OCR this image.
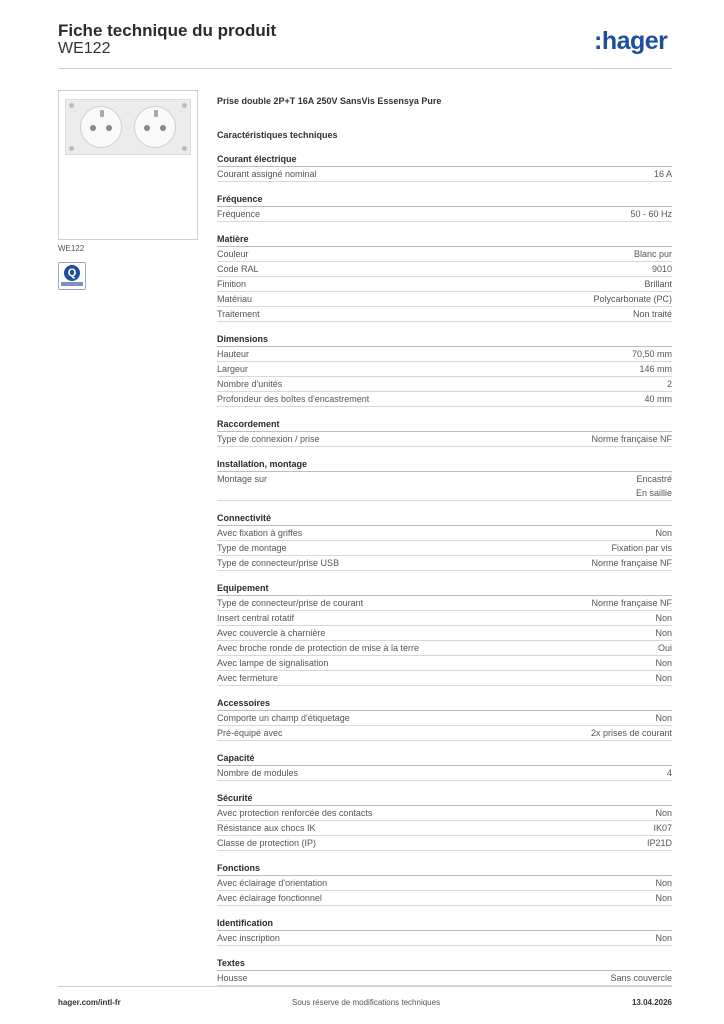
Fiche technique du produit
WE122	:hager
WE122
Q
Prise double 2P+T 16A 250V SansVis Essensya Pure
Caractéristiques techniques
Courant électrique
Courant assigné nominal	16 A
Fréquence
Fréquence	50 - 60 Hz
Matière
Couleur	Blanc pur
Code RAL	9010
Finition	Brillant
Matériau	Polycarbonate (PC)
Traitement	Non traité
Dimensions
Hauteur	70,50 mm
Largeur	146 mm
Nombre d'unités	2
Profondeur des boîtes d'encastrement	40 mm
Raccordement
Type de connexion / prise	Norme française NF
Installation, montage
Montage sur	Encastré
En saillie
Connectivité
Avec fixation à griffes	Non
Type de montage	Fixation par vis
Type de connecteur/prise USB	Norme française NF
Equipement
Type de connecteur/prise de courant	Norme française NF
Insert central rotatif	Non
Avec couvercle à charnière	Non
Avec broche ronde de protection de mise à la terre	Oui
Avec lampe de signalisation	Non
Avec fermeture	Non
Accessoires
Comporte un champ d'étiquetage	Non
Pré-équipé avec	2x prises de courant
Capacité
Nombre de modules	4
Sécurité
Avec protection renforcée des contacts	Non
Résistance aux chocs IK	IK07
Classe de protection (IP)	IP21D
Fonctions
Avec éclairage d'orientation	Non
Avec éclairage fonctionnel	Non
Identification
Avec inscription	Non
Textes
Housse	Sans couvercle
hager.com/intl-fr	Sous réserve de modifications techniques	13.04.2026
